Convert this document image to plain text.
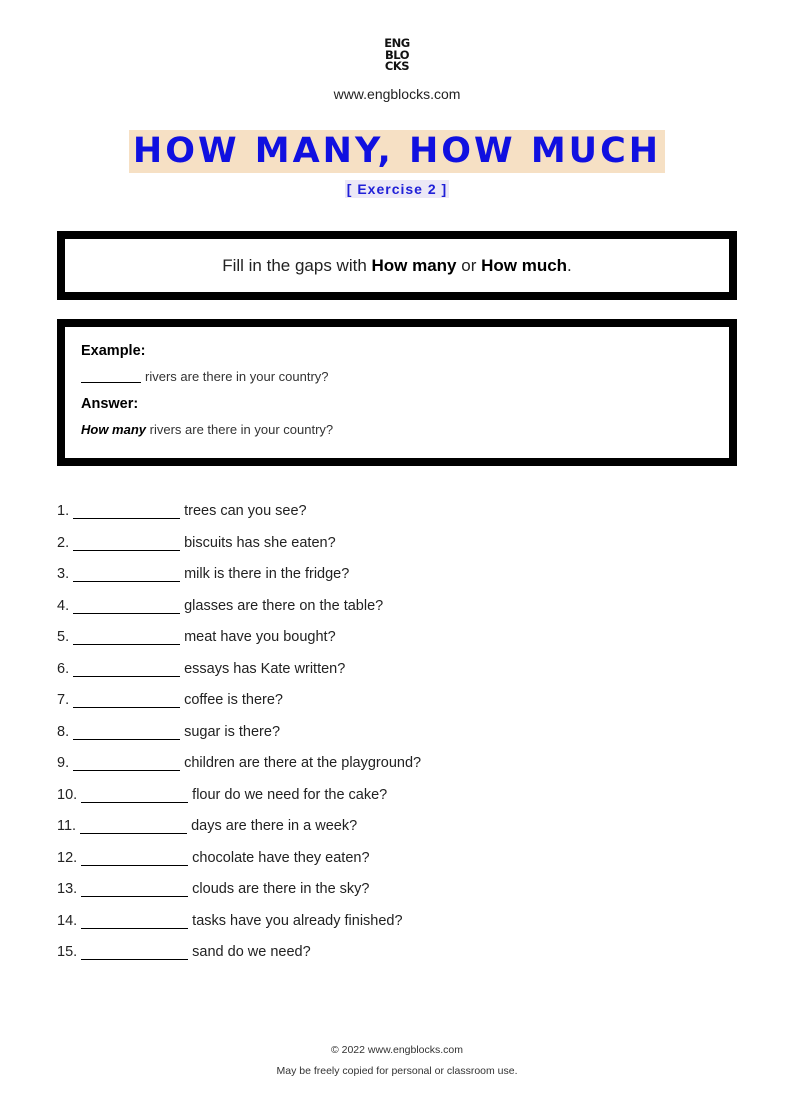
ENG
BLO
CKS
www.engblocks.com
HOW MANY, HOW MUCH
[ Exercise 2 ]
Fill in the gaps with How many or How much.
Example:
rivers are there in your country?
Answer:
How many rivers are there in your country?
1.	trees can you see?
2.	biscuits has she eaten?
3.	milk is there in the fridge?
4.	glasses are there on the table?
5.	meat have you bought?
6.	essays has Kate written?
7.	coffee is there?
8.	sugar is there?
9.	children are there at the playground?
10.	flour do we need for the cake?
11.	days are there in a week?
12.	chocolate have they eaten?
13.	clouds are there in the sky?
14.	tasks have you already finished?
15.	sand do we need?
© 2022 www.engblocks.com
May be freely copied for personal or classroom use.
